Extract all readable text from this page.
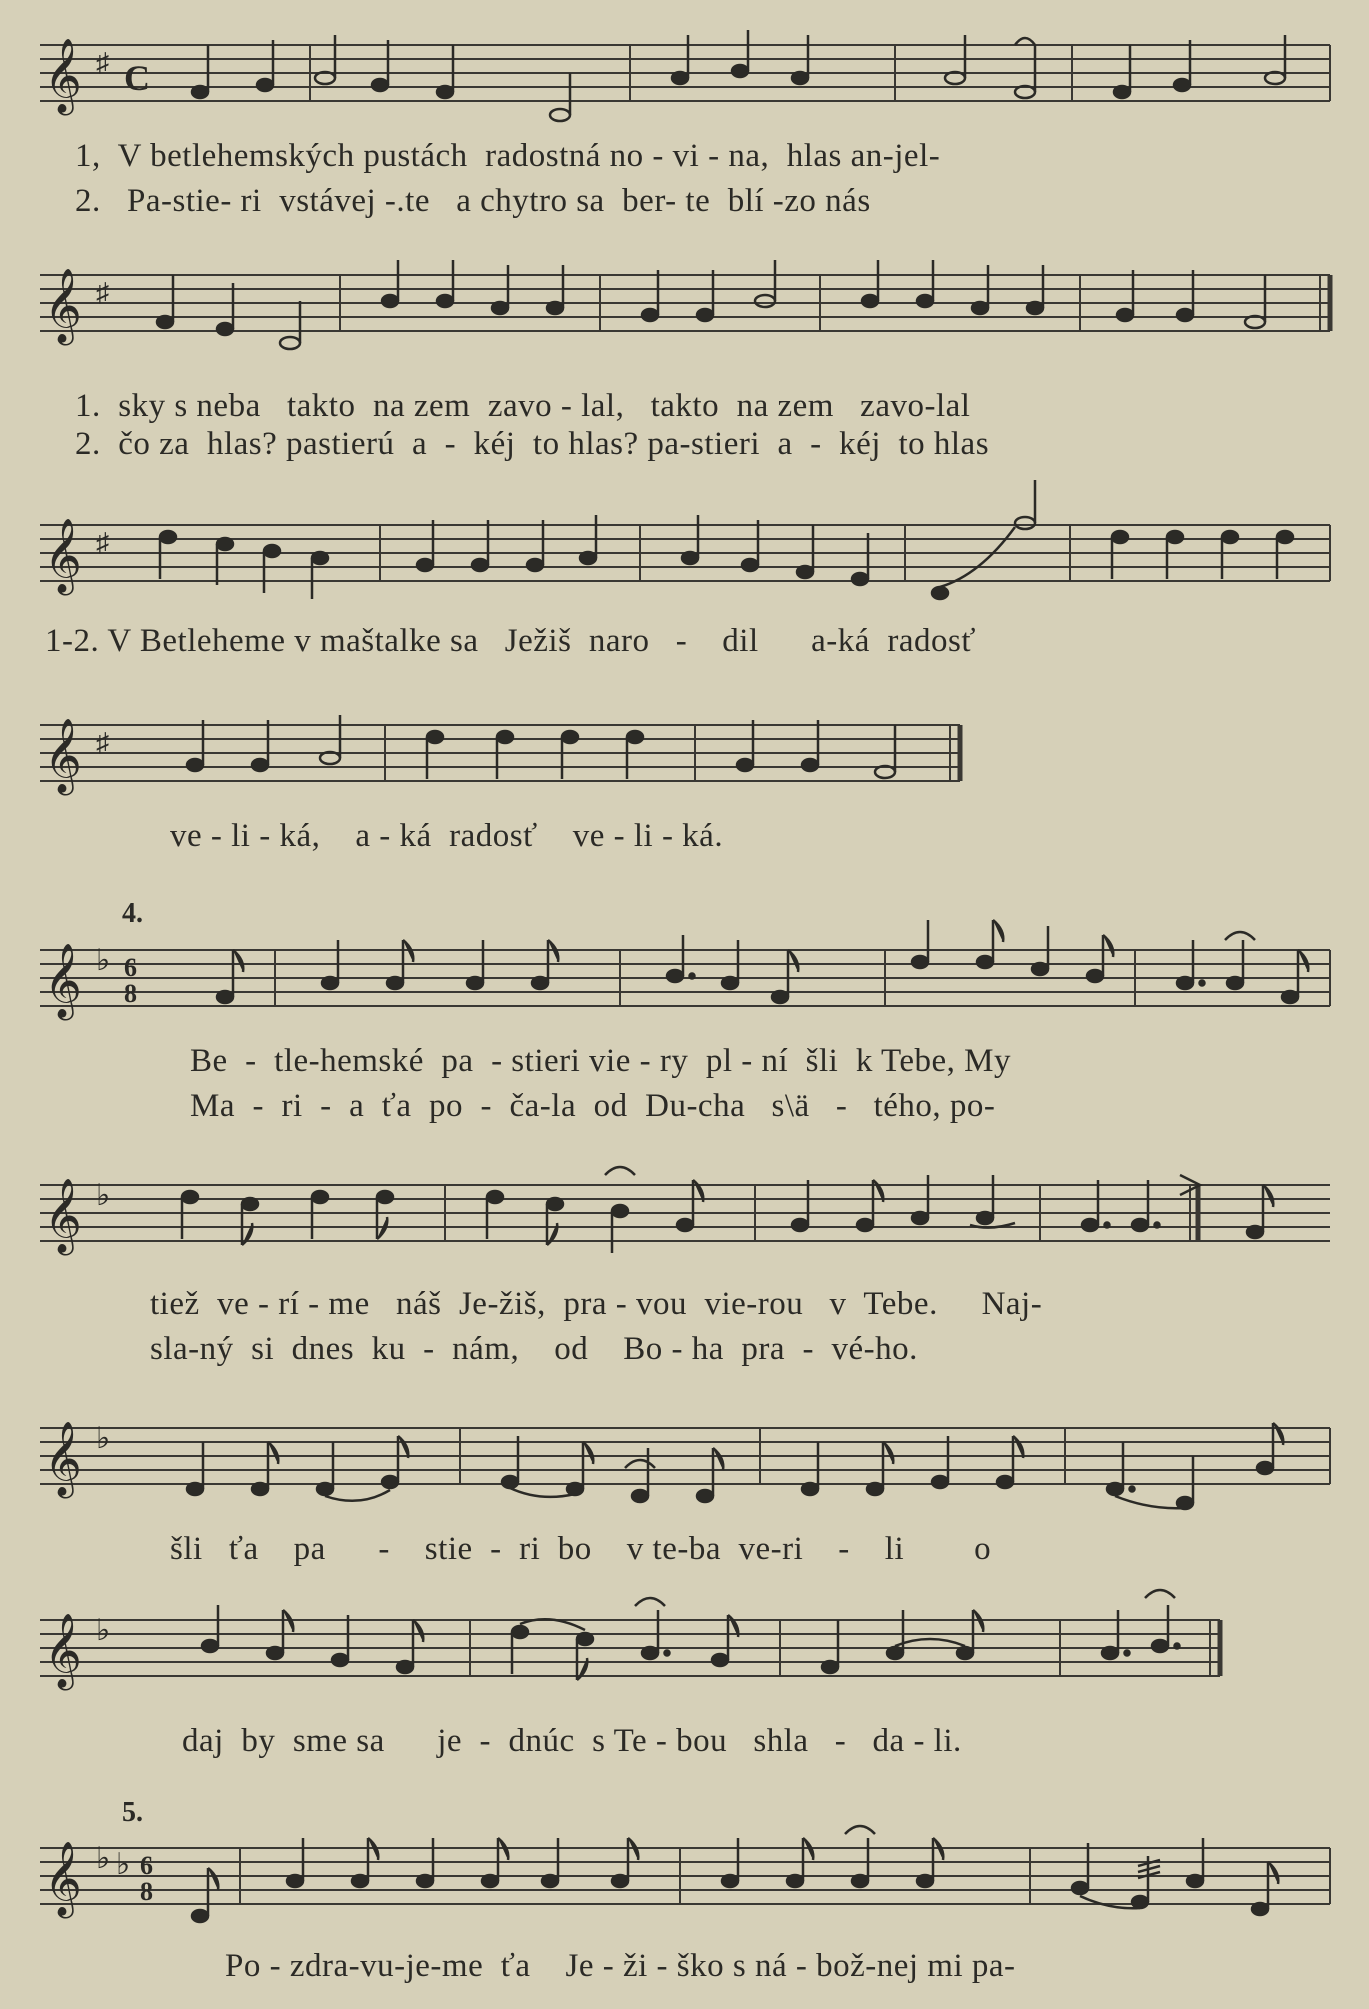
𝄞 ♯ C
1,  V betlehemských pustách  radostná no - vi - na,  hlas an-jel-
2.   Pa-stie- ri  vstávej -.te   a chytro sa  ber- te  blí -zo nás
𝄞 ♯
1.  sky s neba   takto  na zem  zavo - lal,   takto  na zem   zavo-lal
2.  čo za  hlas? pastierú  a  -  kéj  to hlas? pa-stieri  a  -  kéj  to hlas
𝄞 ♯
1-2. V Betleheme v maštalke sa   Ježiš  naro   -    dil      a-ká  radosť
𝄞 ♯
ve - li - ká,    a - ká  radosť    ve - li - ká.
4.
𝄞 ♭ 6
8
Be  -  tle-hemské  pa  - stieri vie - ry  pl - ní  šli  k Tebe, My
Ma  -  ri  -  a  ťa  po  -  ča-la  od  Du-cha   s\ä   -   tého, po-
𝄞 ♭
tiež  ve - rí - me   náš  Je-žiš,  pra - vou  vie-rou   v  Tebe.     Naj-
sla-ný  si  dnes  ku  -  nám,    od    Bo - ha  pra  -  vé-ho.
𝄞 ♭
šli   ťa    pa      -    stie  -  ri  bo    v te-ba  ve-ri    -    li        o
𝄞 ♭
daj  by  sme sa      je  -  dnúc  s Te - bou   shla   -   da - li.
5.
𝄞 ♭ ♭ 6
8
Po - zdra-vu-je-me  ťa    Je - ži - ško s ná - bož-nej mi pa-
